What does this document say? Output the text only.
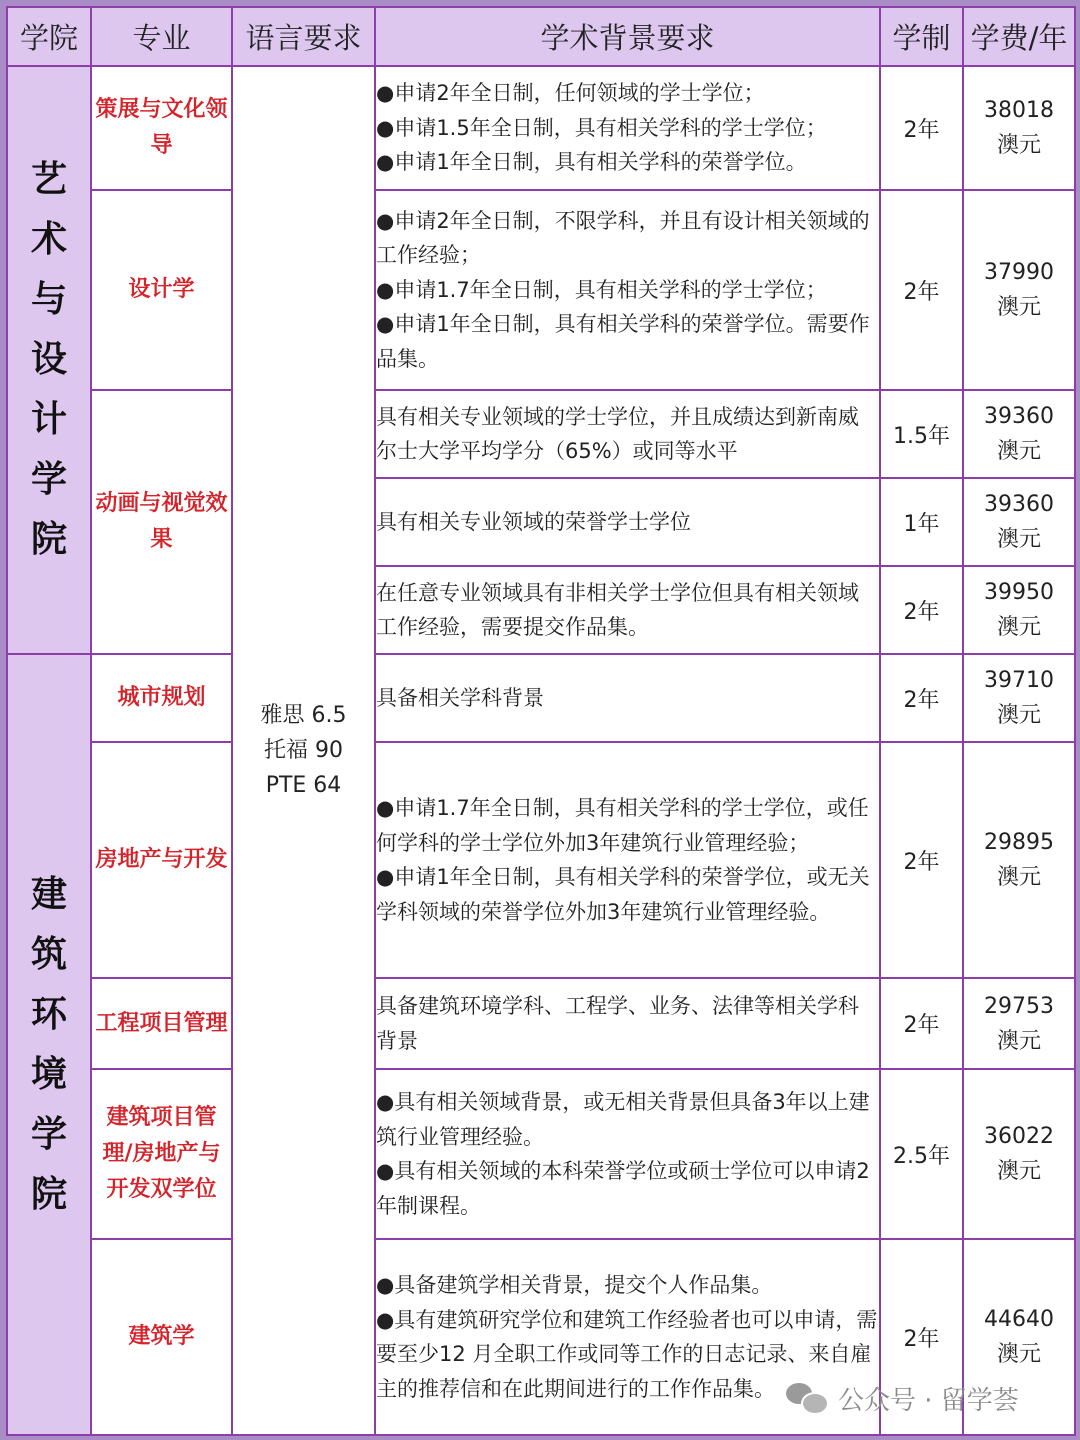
学院	专业	语言要求	学术背景要求	学制	学费/年
艺术与设计学院	策展与文化领导	雅思 6.5
托福 90
PTE 64	●申请2年全日制，任何领域的学士学位；
●申请1.5年全日制，具有相关学科的学士学位；
●申请1年全日制，具有相关学科的荣誉学位。	2年	38018
澳元

	设计学		●申请2年全日制，不限学科，并且有设计相关领域的工作经验；
●申请1.7年全日制，具有相关学科的学士学位；
●申请1年全日制，具有相关学科的荣誉学位。需要作品集。	2年	37990
澳元

	动画与视觉效果		具有相关专业领域的学士学位，并且成绩达到新南威尔士大学平均学分（65%）或同等水平	1.5年	39360
澳元

			具有相关专业领域的荣誉学士学位	1年	39360
澳元

			在任意专业领域具有非相关学士学位但具有相关领域工作经验，需要提交作品集。	2年	39950
澳元

建筑环境学院	城市规划		具备相关学科背景	2年	39710
澳元

	房地产与开发		●申请1.7年全日制，具有相关学科的学士学位，或任何学科的学士学位外加3年建筑行业管理经验；
●申请1年全日制，具有相关学科的荣誉学位，或无关学科领域的荣誉学位外加3年建筑行业管理经验。	2年	29895
澳元

	工程项目管理		具备建筑环境学科、工程学、业务、法律等相关学科背景	2年	29753
澳元

	建筑项目管理/房地产与开发双学位		●具有相关领域背景，或无相关背景但具备3年以上建筑行业管理经验。
●具有相关领域的本科荣誉学位或硕士学位可以申请2年制课程。	2.5年	36022
澳元

	建筑学		●具备建筑学相关背景，提交个人作品集。
●具有建筑研究学位和建筑工作经验者也可以申请，需要至少12 月全职工作或同等工作的日志记录、来自雇主的推荐信和在此期间进行的工作作品集。	2年	44640
澳元
公众号 · 留学荟
